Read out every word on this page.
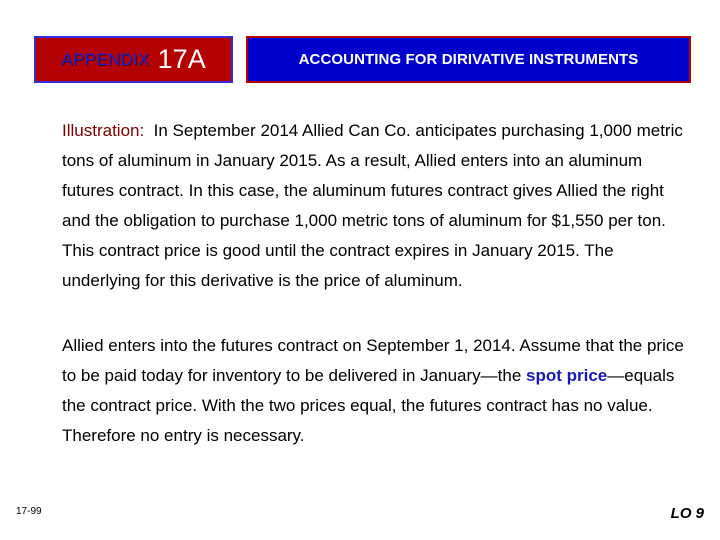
APPENDIX 17A	ACCOUNTING FOR DIRIVATIVE INSTRUMENTS

Illustration: In September 2014 Allied Can Co. anticipates purchasing 1,000 metric tons of aluminum in January 2015. As a result, Allied enters into an aluminum futures contract. In this case, the aluminum futures contract gives Allied the right and the obligation to purchase 1,000 metric tons of aluminum for $1,550 per ton. This contract price is good until the contract expires in January 2015. The underlying for this derivative is the price of aluminum.

Allied enters into the futures contract on September 1, 2014. Assume that the price to be paid today for inventory to be delivered in January—the spot price—equals the contract price. With the two prices equal, the futures contract has no value. Therefore no entry is necessary.

17-99	LO 9
